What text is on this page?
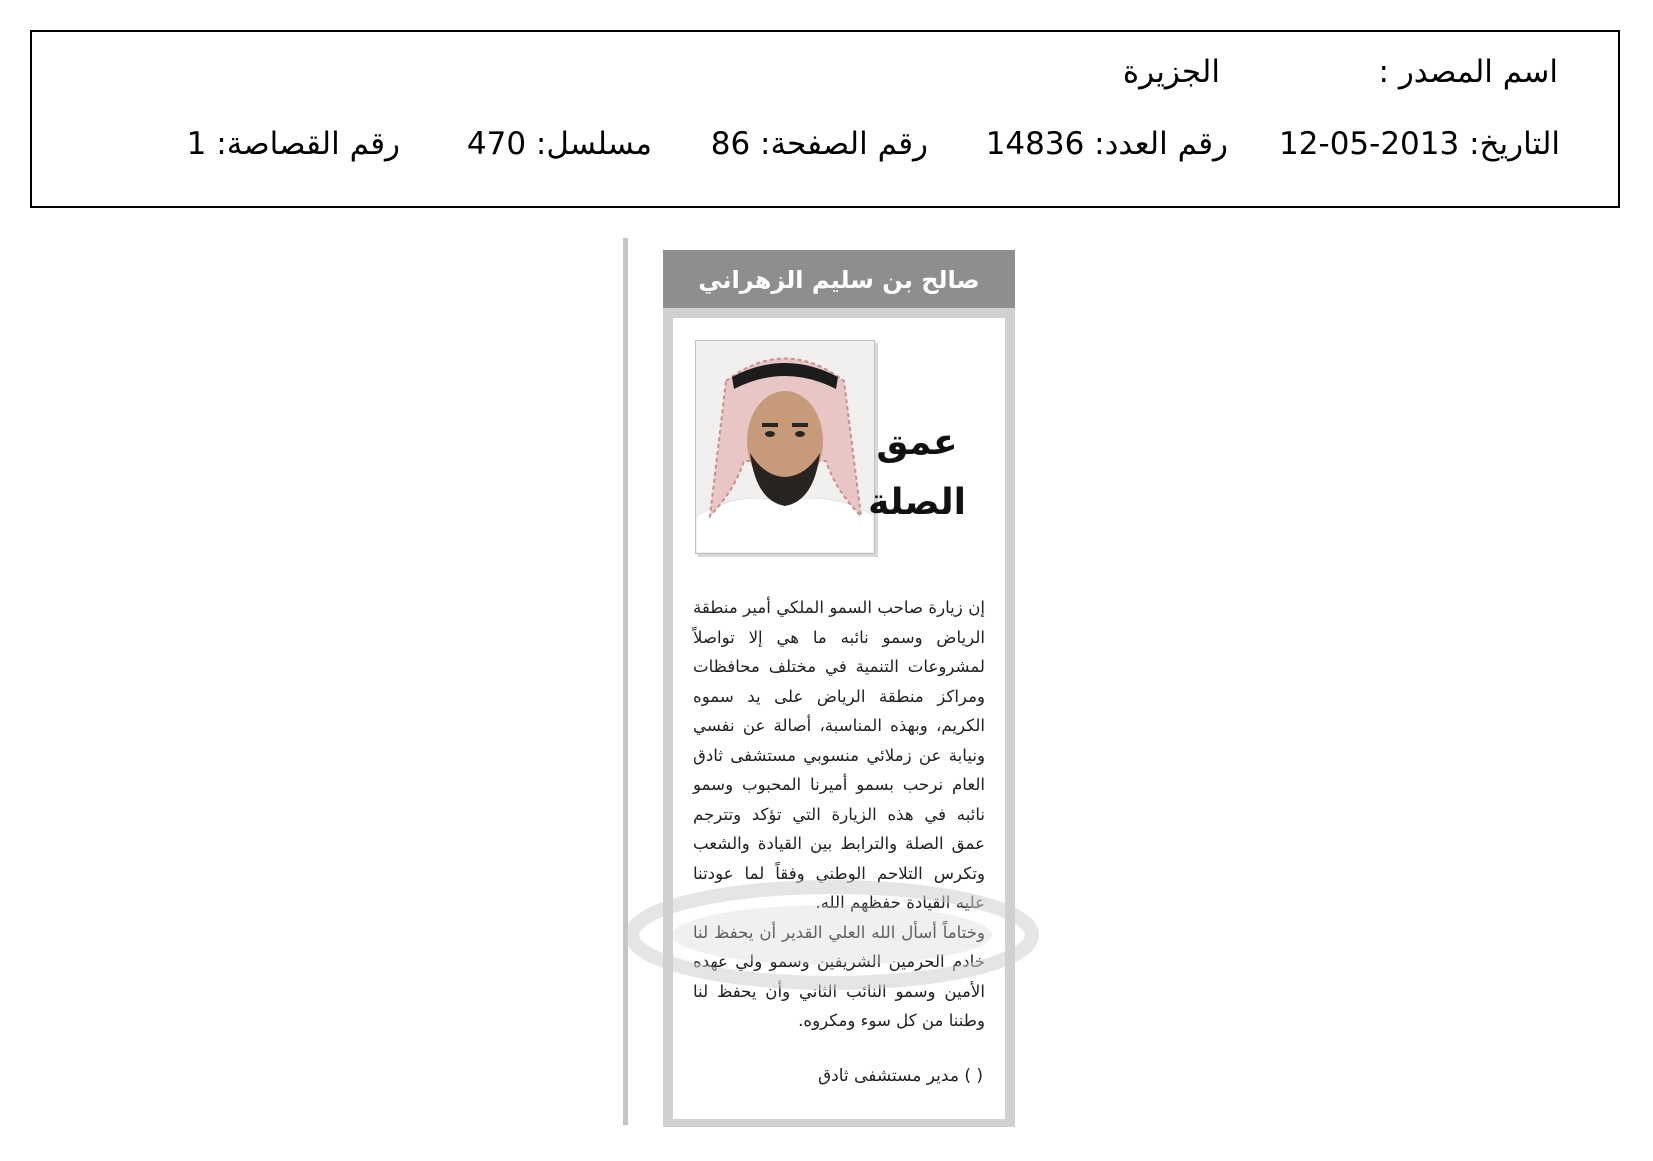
اسم المصدر :
الجزيرة
التاريخ: 2013-05-12
رقم العدد: 14836
رقم الصفحة: 86
مسلسل: 470
رقم القصاصة: 1
صالح بن سليم الزهراني
عمق
الصلة

إن زيارة صاحب السمو الملكي أمير منطقة الرياض وسمو نائبه ما هي إلا تواصلاً لمشروعات التنمية في مختلف محافظات ومراكز منطقة الرياض على يد سموه الكريم، وبهذه المناسبة، أصالة عن نفسي ونيابة عن زملائي منسوبي مستشفى ثادق العام نرحب بسمو أميرنا المحبوب وسمو نائبه في هذه الزيارة التي تؤكد وتترجم عمق الصلة والترابط بين القيادة والشعب وتكرس التلاحم الوطني وفقاً لما عودتنا عليه القيادة حفظهم الله.

وختاماً أسأل الله العلي القدير أن يحفظ لنا خادم الحرمين الشريفين وسمو ولي عهده الأمين وسمو النائب الثاني وأن يحفظ لنا وطننا من كل سوء ومكروه.

( ) مدير مستشفى ثادق
